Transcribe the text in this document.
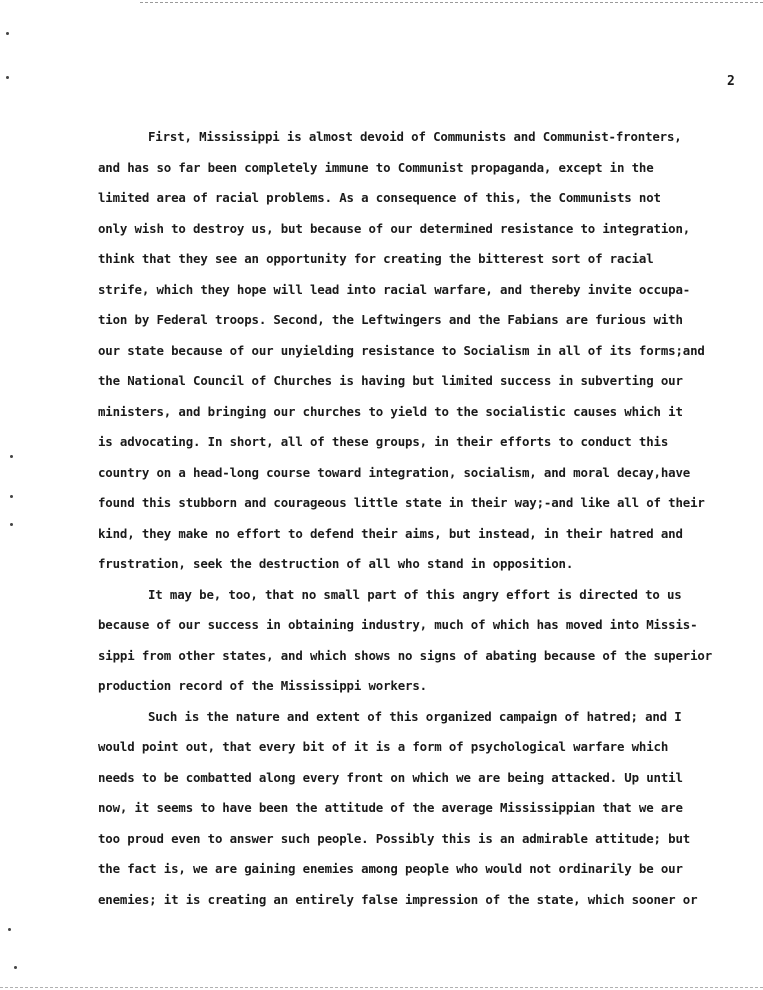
2
First, Mississippi is almost devoid of Communists and Communist-fronters,
and has so far been completely immune to Communist propaganda, except in the
limited area of racial problems. As a consequence of this, the Communists not
only wish to destroy us, but because of our determined resistance to integration,
think that they see an opportunity for creating the bitterest sort of racial
strife, which they hope will lead into racial warfare, and thereby invite occupa-
tion by Federal troops. Second, the Leftwingers and the Fabians are furious with
our state because of our unyielding resistance to Socialism in all of its forms;and
the National Council of Churches is having but limited success in subverting our
ministers, and bringing our churches to yield to the socialistic causes which it
is advocating. In short, all of these groups, in their efforts to conduct this
country on a head-long course toward integration, socialism, and moral decay,have
found this stubborn and courageous little state in their way;-and like all of their
kind, they make no effort to defend their aims, but instead, in their hatred and
frustration, seek the destruction of all who stand in opposition.
It may be, too, that no small part of this angry effort is directed to us
because of our success in obtaining industry, much of which has moved into Missis-
sippi from other states, and which shows no signs of abating because of the superior
production record of the Mississippi workers.
Such is the nature and extent of this organized campaign of hatred; and I
would point out, that every bit of it is a form of psychological warfare which
needs to be combatted along every front on which we are being attacked. Up until
now, it seems to have been the attitude of the average Mississippian that we are
too proud even to answer such people. Possibly this is an admirable attitude; but
the fact is, we are gaining enemies among people who would not ordinarily be our
enemies; it is creating an entirely false impression of the state, which sooner or
